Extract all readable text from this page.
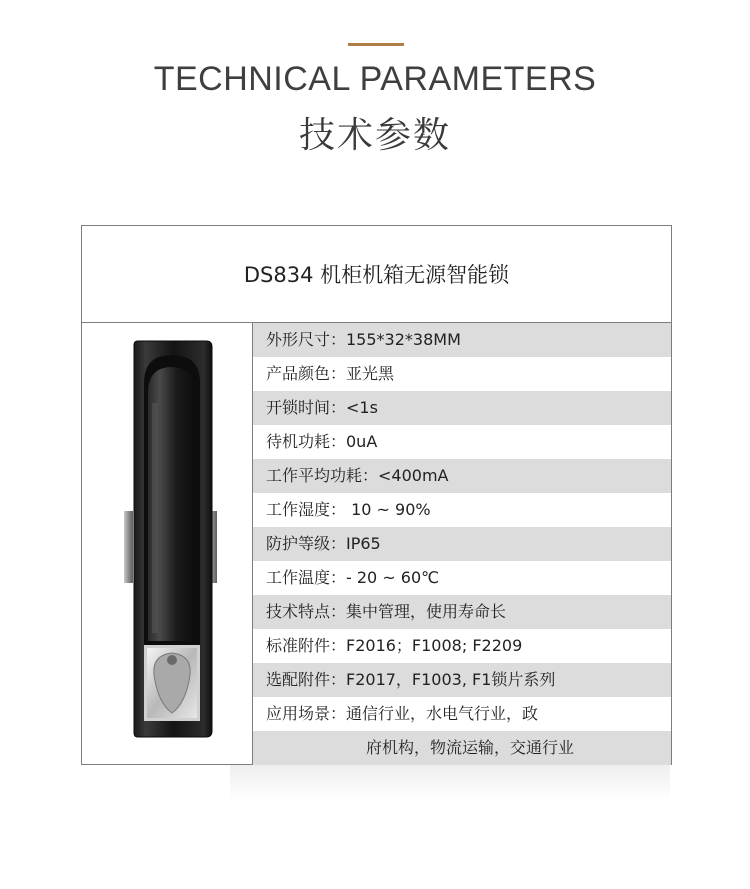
TECHNICAL PARAMETERS
技术参数
DS834 机柜机箱无源智能锁
外形尺寸：155*32*38MM
产品颜色：亚光黑
开锁时间：<1s
待机功耗：0uA
工作平均功耗：<400mA
工作湿度： 10 ~ 90%
防护等级：IP65
工作温度：- 20 ~ 60℃
技术特点：集中管理，使用寿命长
标准附件：F2016；F1008; F2209
选配附件：F2017，F1003, F1锁片系列
应用场景：通信行业，水电气行业，政
府机构，物流运输，交通行业
